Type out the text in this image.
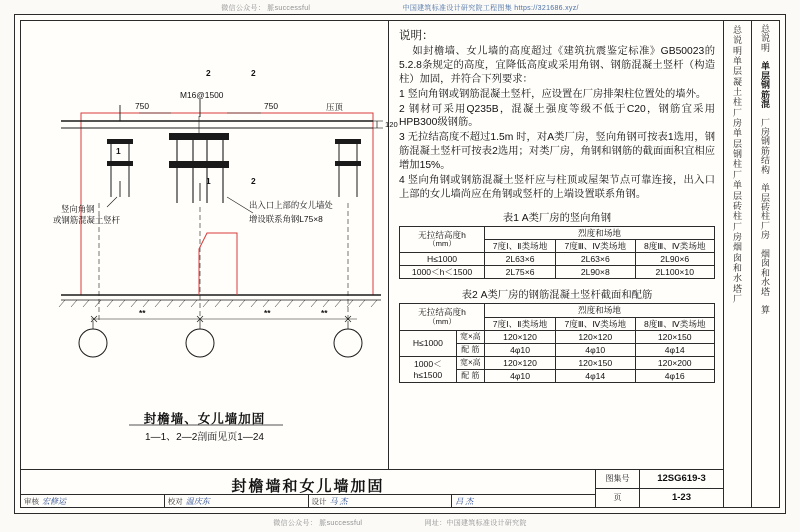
微信公众号： 脈successful	中国建筑标准设计研究院工程图集 https://321686.xyz/
微信公众号： 脈successful	网址：中国建筑标准设计研究院
750	750
M16@1500
压顶
120
2	2
1
1	2
竖向角钢
或钢筋混凝土竖杆
出入口上部的女儿墙处
增设联系角钢L75×8
**	**	**
封檐墙、女儿墙加固
1—1、2—2剖面见页1—24
说明：

如封檐墙、女儿墙的高度超过《建筑抗震鉴定标准》GB50023的5.2.8条规定的高度，宜降低高度或采用角钢、钢筋混凝土竖杆（构造柱）加固，并符合下列要求：

1 竖向角钢或钢筋混凝土竖杆，应设置在厂房排架柱位置处的墙外。

2 钢材可采用Q235B，混凝土强度等级不低于C20，钢筋宜采用HPB300级钢筋。

3 无拉结高度不超过1.5m 时，对A类厂房，竖向角钢可按表1选用，钢筋混凝土竖杆可按表2选用；对类厂房，角钢和钢筋的截面面积宜相应增加15%。

4 竖向角钢或钢筋混凝土竖杆应与柱顶或屋架节点可靠连接，出入口上部的女儿墙尚应在角钢或竖杆的上端设置联系角钢。

表1 A类厂房的竖向角钢
无拉结高度h
（mm）	烈度和场地		
	7度Ⅰ、Ⅱ类场地	7度Ⅲ、Ⅳ类场地	8度Ⅲ、Ⅳ类场地
H≤1000	2L63×6	2L63×6	2L90×6
1000＜h＜1500	2L75×6	2L90×8	2L100×10
表2 A类厂房的钢筋混凝土竖杆截面和配筋
无拉结高度h
（mm）		烈度和场地		
		7度Ⅰ、Ⅱ类场地	7度Ⅲ、Ⅳ类场地	8度Ⅲ、Ⅳ类场地
H≤1000	宽×高	120×120	120×120	120×150
	配 筋	4φ10	4φ10	4φ14
1000＜h≤1500	宽×高	120×120	120×150	120×200
	配 筋	4φ10	4φ14	4φ16
封檐墙和女儿墙加固
审核 宏修运	校对 温庆东	设计 马 杰	吕 杰
图集号	12SG619-3
页	1-23
总
说
明
单
层
凝
土
柱
厂
房
单
层
钢
柱
厂
单
层
砖
柱
厂
房
烟
囱
和
水
塔
厂
总
说
明
单
层
钢
筋
混
厂
房
钢
筋
结
构
单
层
砖
柱
厂
房
烟
囱
和
水
塔
算
